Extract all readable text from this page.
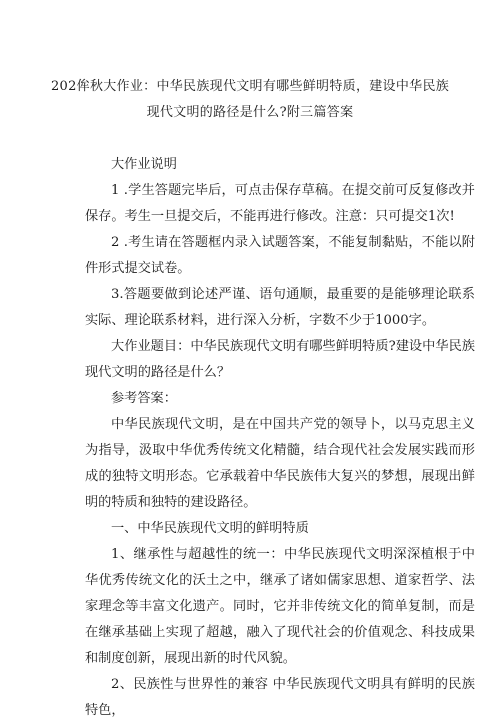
202侔秋大作业：中华民族现代文明有哪些鲜明特质，建设中华民族
现代文明的路径是什么?附三篇答案

大作业说明

1 .学生答题完毕后，可点击保存草稿。在提交前可反复修改并保存。考生一旦提交后，不能再进行修改。注意：只可提交1次!

2 .考生请在答题框内录入试题答案，不能复制黏贴，不能以附件形式提交试卷。

3.答题要做到论述严谨、语句通顺，最重要的是能够理论联系实际、理论联系材料，进行深入分析，字数不少于1000字。

大作业题目：中华民族现代文明有哪些鲜明特质?建设中华民族现代文明的路径是什么？

参考答案：

中华民族现代文明，是在中国共产党的领导卜，以马克思主义为指导，汲取中华优秀传统文化精髓，结合现代社会发展实践而形成的独特文明形态。它承载着中华民族伟大复兴的梦想，展现出鲜明的特质和独特的建设路径。

一、中华民族现代文明的鲜明特质

1、继承性与超越性的统一：中华民族现代文明深深植根于中华优秀传统文化的沃土之中，继承了诸如儒家思想、道家哲学、法家理念等丰富文化遗产。同时，它并非传统文化的简单复制，而是在继承基础上实现了超越，融入了现代社会的价值观念、科技成果和制度创新，展现出新的时代风貌。

2、民族性与世界性的兼容 中华民族现代文明具有鲜明的民族特色，
